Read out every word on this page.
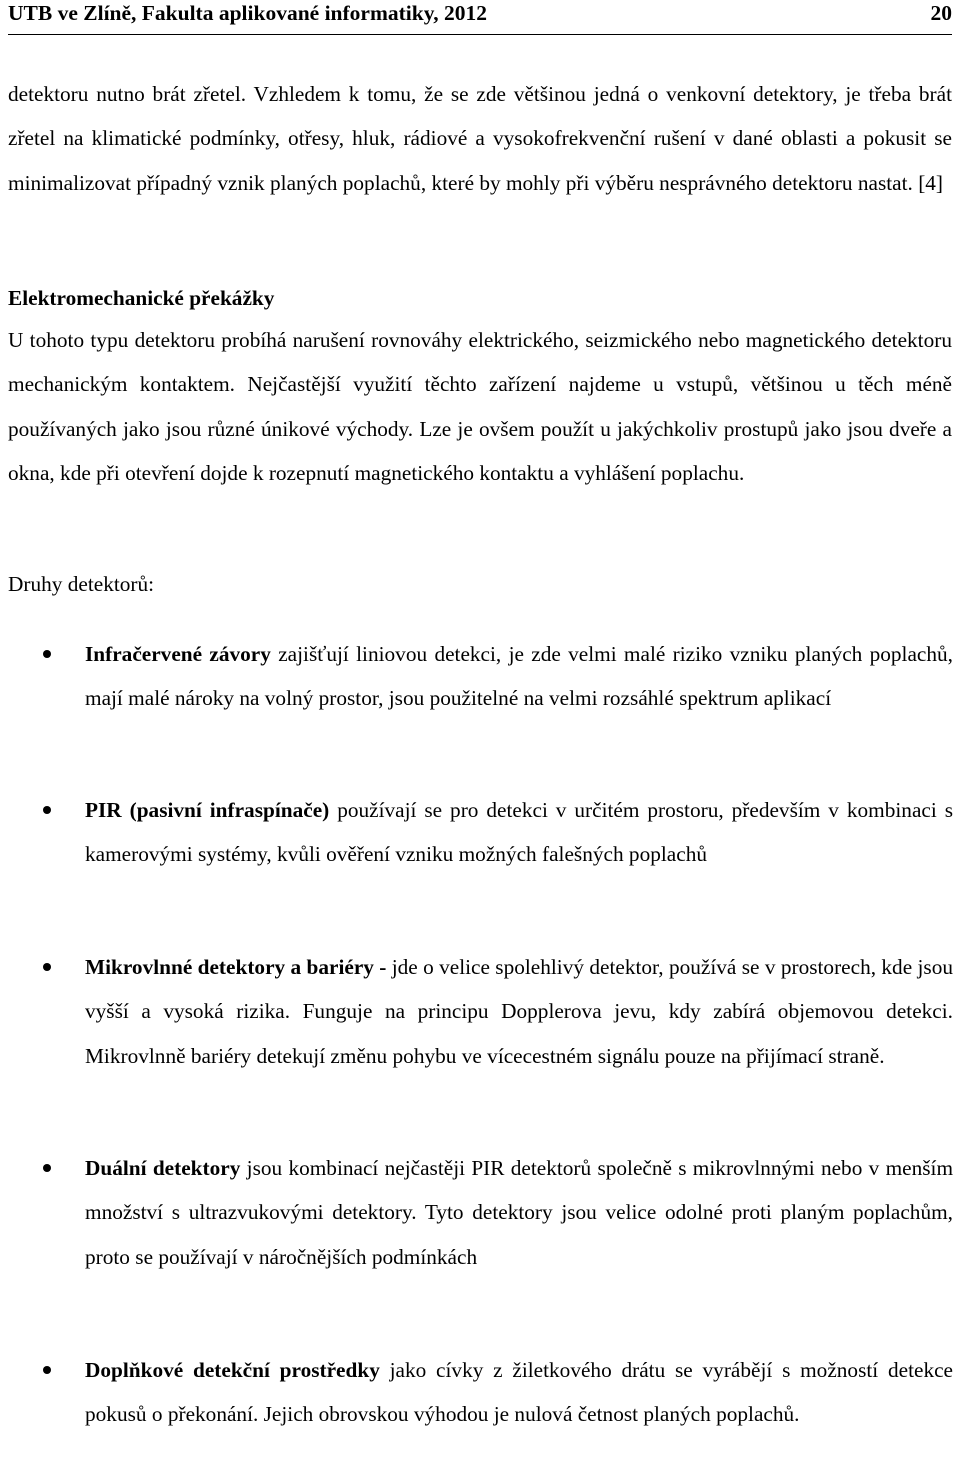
UTB ve Zlíně, Fakulta aplikované informatiky, 2012	20
detektoru nutno brát zřetel. Vzhledem k tomu, že se zde většinou jedná o venkovní detektory, je třeba brát zřetel na klimatické podmínky, otřesy, hluk, rádiové a vysokofrekvenční rušení v dané oblasti a pokusit se minimalizovat případný vznik planých poplachů, které by mohly při výběru nesprávného detektoru nastat. [4]
Elektromechanické překážky
U tohoto typu detektoru probíhá narušení rovnováhy elektrického, seizmického nebo magnetického detektoru mechanickým kontaktem. Nejčastější využití těchto zařízení najdeme u vstupů, většinou u těch méně používaných jako jsou různé únikové východy. Lze je ovšem použít u jakýchkoliv prostupů jako jsou dveře a okna, kde při otevření dojde k rozepnutí magnetického kontaktu a vyhlášení poplachu.
Druhy detektorů:
Infračervené závory zajišťují liniovou detekci, je zde velmi malé riziko vzniku planých poplachů, mají malé nároky na volný prostor, jsou použitelné na velmi rozsáhlé spektrum aplikací
PIR (pasivní infraspínače) používají se pro detekci v určitém prostoru, především v kombinaci s kamerovými systémy, kvůli ověření vzniku možných falešných poplachů
Mikrovlnné detektory a bariéry - jde o velice spolehlivý detektor, používá se v prostorech, kde jsou vyšší a vysoká rizika. Funguje na principu Dopplerova jevu, kdy zabírá objemovou detekci. Mikrovlnně bariéry detekují změnu pohybu ve vícecestném signálu pouze na přijímací straně.
Duální detektory jsou kombinací nejčastěji PIR detektorů společně s mikrovlnnými nebo v menším množství s ultrazvukovými detektory. Tyto detektory jsou velice odolné proti planým poplachům, proto se používají v náročnějších podmínkách
Doplňkové detekční prostředky jako cívky z žiletkového drátu se vyrábějí s možností detekce pokusů o překonání. Jejich obrovskou výhodou je nulová četnost planých poplachů.
